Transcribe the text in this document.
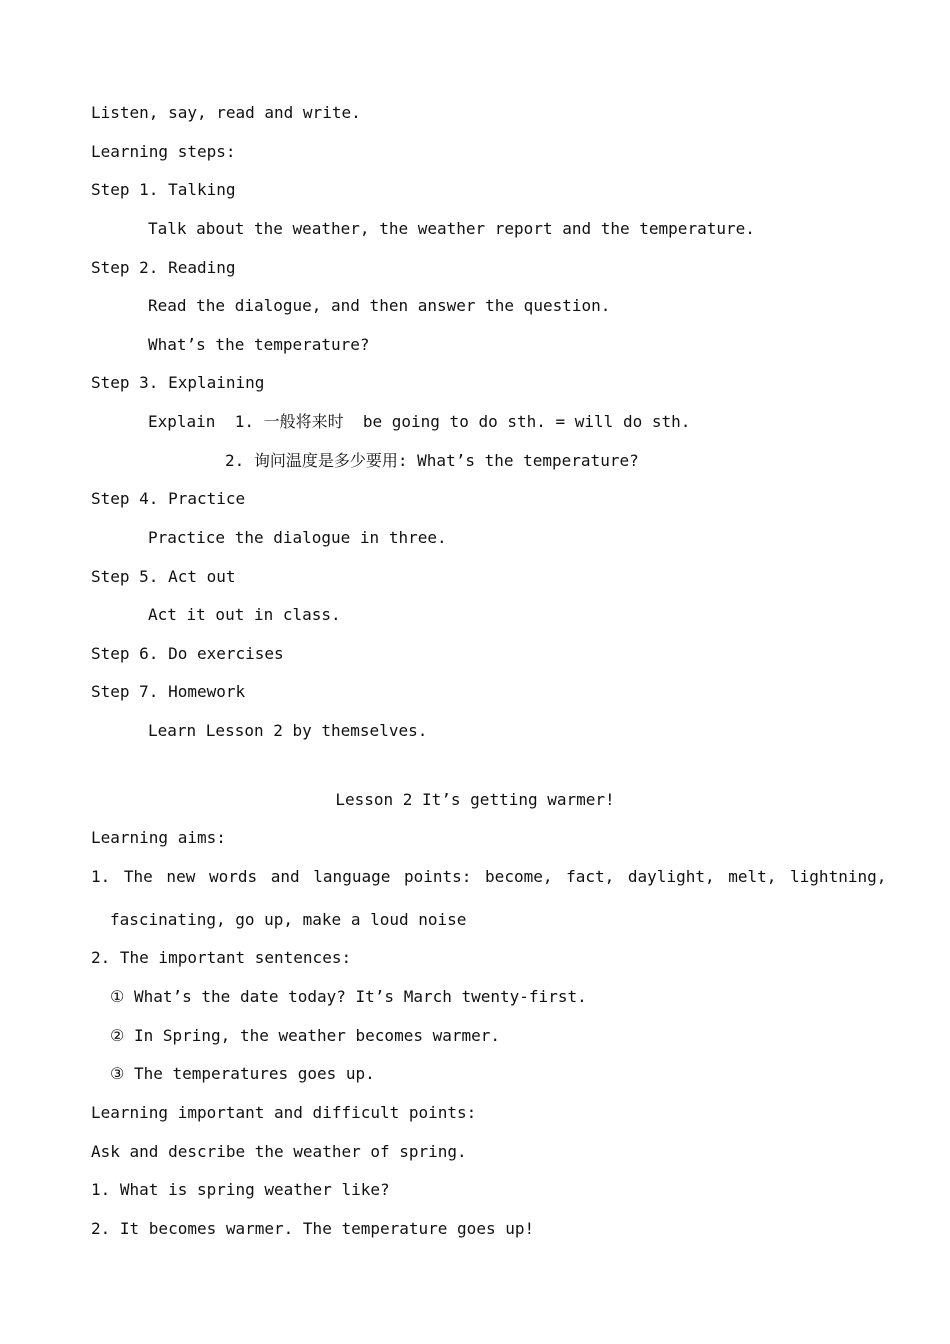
Listen, say, read and write.
Learning steps:
Step 1. Talking
Talk about the weather, the weather report and the temperature.
Step 2. Reading
Read the dialogue, and then answer the question.
What’s the temperature?
Step 3. Explaining
Explain  1. 一般将来时  be going to do sth. = will do sth.
2. 询问温度是多少要用: What’s the temperature?
Step 4. Practice
Practice the dialogue in three.
Step 5. Act out
Act it out in class.
Step 6. Do exercises
Step 7. Homework
Learn Lesson 2 by themselves.
Lesson 2 It’s getting warmer!
Learning aims:
1. The new words and language points: become, fact, daylight, melt, lightning,
fascinating, go up, make a loud noise
2. The important sentences:
① What’s the date today? It’s March twenty-first.
② In Spring, the weather becomes warmer.
③ The temperatures goes up.
Learning important and difficult points:
Ask and describe the weather of spring.
1. What is spring weather like?
2. It becomes warmer. The temperature goes up!
